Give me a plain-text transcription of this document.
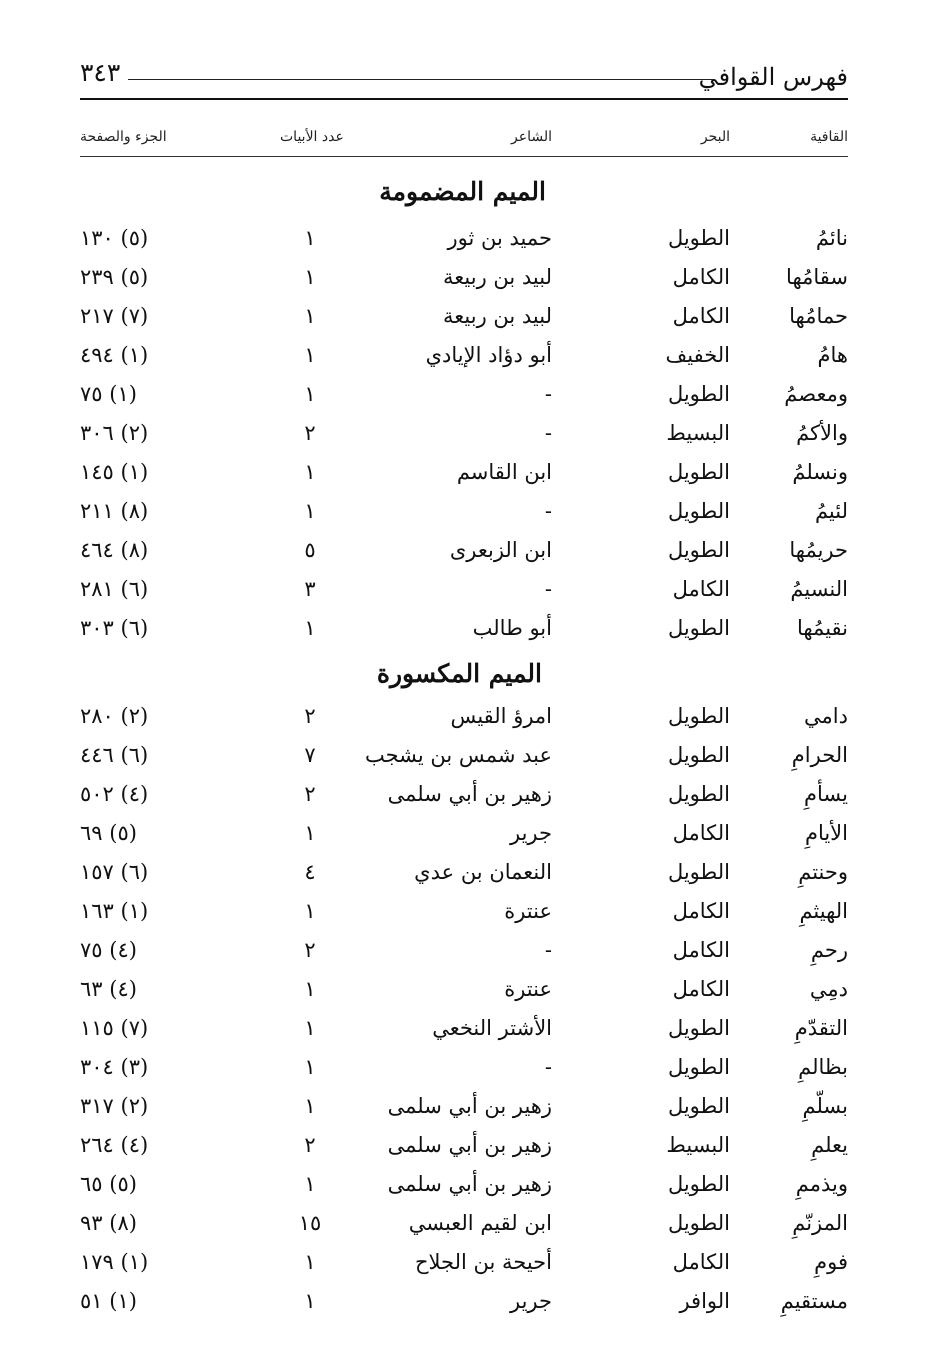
فهرس القوافي
٣٤٣
القافية
البحر
الشاعر
عدد الأبيات
الجزء والصفحة
الميم المضمومة
نائمُ
الطويل
حميد بن ثور
١
(٥) ١٣٠
سقامُها
الكامل
لبيد بن ربيعة
١
(٥) ٢٣٩
حمامُها
الكامل
لبيد بن ربيعة
١
(٧) ٢١٧
هامُ
الخفيف
أبو دؤاد الإيادي
١
(١) ٤٩٤
ومعصمُ
الطويل
-
١
(١) ٧٥
والأكمُ
البسيط
-
٢
(٢) ٣٠٦
ونسلمُ
الطويل
ابن القاسم
١
(١) ١٤٥
لئيمُ
الطويل
-
١
(٨) ٢١١
حريمُها
الطويل
ابن الزبعرى
٥
(٨) ٤٦٤
النسيمُ
الكامل
-
٣
(٦) ٢٨١
نقيمُها
الطويل
أبو طالب
١
(٦) ٣٠٣
الميم المكسورة
دامي
الطويل
امرؤ القيس
٢
(٢) ٢٨٠
الحرامِ
الطويل
عبد شمس بن يشجب
٧
(٦) ٤٤٦
يسأمِ
الطويل
زهير بن أبي سلمى
٢
(٤) ٥٠٢
الأيامِ
الكامل
جرير
١
(٥) ٦٩
وحنتمِ
الطويل
النعمان بن عدي
٤
(٦) ١٥٧
الهيثمِ
الكامل
عنترة
١
(١) ١٦٣
رحمِ
الكامل
-
٢
(٤) ٧٥
دمِي
الكامل
عنترة
١
(٤) ٦٣
التقدّمِ
الطويل
الأشتر النخعي
١
(٧) ١١٥
بظالمِ
الطويل
-
١
(٣) ٣٠٤
بسلّمِ
الطويل
زهير بن أبي سلمى
١
(٢) ٣١٧
يعلمِ
البسيط
زهير بن أبي سلمى
٢
(٤) ٢٦٤
ويذممِ
الطويل
زهير بن أبي سلمى
١
(٥) ٦٥
المزنّمِ
الطويل
ابن لقيم العبسي
١٥
(٨) ٩٣
فومِ
الكامل
أحيحة بن الجلاح
١
(١) ١٧٩
مستقيمِ
الوافر
جرير
١
(١) ٥١
